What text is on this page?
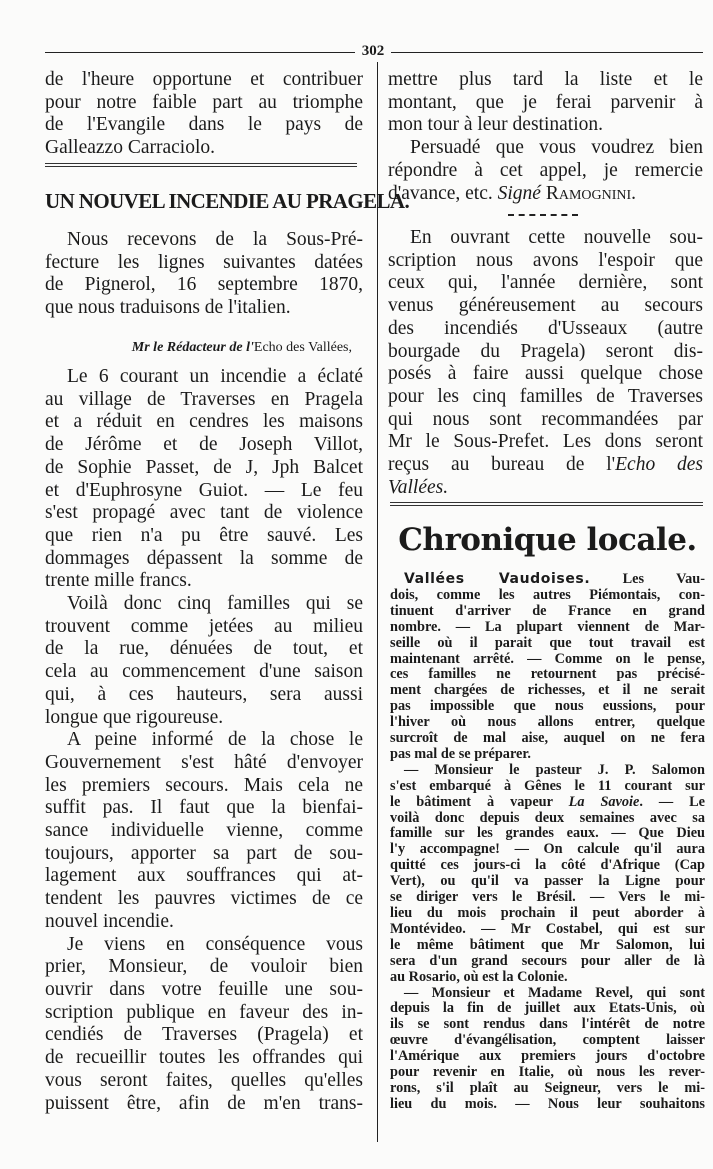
302
de l'heure opportune et contribuer
pour notre faible part au triomphe
de l'Evangile dans le pays de
Galleazzo Carraciolo.
UN NOUVEL INCENDIE AU PRAGELA.
Nous recevons de la Sous-Pré-
fecture les lignes suivantes datées
de Pignerol, 16 septembre 1870,
que nous traduisons de l'italien.
Mr le Rédacteur de l'Echo des Vallées,
Le 6 courant un incendie a éclaté
au village de Traverses en Pragela
et a réduit en cendres les maisons
de Jérôme et de Joseph Villot,
de Sophie Passet, de J, Jph Balcet
et d'Euphrosyne Guiot. — Le feu
s'est propagé avec tant de violence
que rien n'a pu être sauvé. Les
dommages dépassent la somme de
trente mille francs.
Voilà donc cinq familles qui se
trouvent comme jetées au milieu
de la rue, dénuées de tout, et
cela au commencement d'une saison
qui, à ces hauteurs, sera aussi
longue que rigoureuse.
A peine informé de la chose le
Gouvernement s'est hâté d'envoyer
les premiers secours. Mais cela ne
suffit pas. Il faut que la bienfai-
sance individuelle vienne, comme
toujours, apporter sa part de sou-
lagement aux souffrances qui at-
tendent les pauvres victimes de ce
nouvel incendie.
Je viens en conséquence vous
prier, Monsieur, de vouloir bien
ouvrir dans votre feuille une sou-
scription publique en faveur des in-
cendiés de Traverses (Pragela) et
de recueillir toutes les offrandes qui
vous seront faites, quelles qu'elles
puissent être, afin de m'en trans-
mettre plus tard la liste et le
montant, que je ferai parvenir à
mon tour à leur destination.
Persuadé que vous voudrez bien
répondre à cet appel, je remercie
d'avance, etc. Signé Ramognini.
En ouvrant cette nouvelle sou-
scription nous avons l'espoir que
ceux qui, l'année dernière, sont
venus généreusement au secours
des incendiés d'Usseaux (autre
bourgade du Pragela) seront dis-
posés à faire aussi quelque chose
pour les cinq familles de Traverses
qui nous sont recommandées par
Mr le Sous-Prefet. Les dons seront
reçus au bureau de l'Echo des
Vallées.
Chronique locale.
Vallées Vaudoises. Les Vau-
dois, comme les autres Piémontais, con-
tinuent d'arriver de France en grand
nombre. — La plupart viennent de Mar-
seille où il parait que tout travail est
maintenant arrêté. — Comme on le pense,
ces familles ne retournent pas précisé-
ment chargées de richesses, et il ne serait
pas impossible que nous eussions, pour
l'hiver où nous allons entrer, quelque
surcroît de mal aise, auquel on ne fera
pas mal de se préparer.
— Monsieur le pasteur J. P. Salomon
s'est embarqué à Gênes le 11 courant sur
le bâtiment à vapeur La Savoie. — Le
voilà donc depuis deux semaines avec sa
famille sur les grandes eaux. — Que Dieu
l'y accompagne! — On calcule qu'il aura
quitté ces jours-ci la côté d'Afrique (Cap
Vert), ou qu'il va passer la Ligne pour
se diriger vers le Brésil. — Vers le mi-
lieu du mois prochain il peut aborder à
Montévideo. — Mr Costabel, qui est sur
le même bâtiment que Mr Salomon, lui
sera d'un grand secours pour aller de là
au Rosario, où est la Colonie.
— Monsieur et Madame Revel, qui sont
depuis la fin de juillet aux Etats-Unis, où
ils se sont rendus dans l'intérêt de notre
œuvre d'évangélisation, comptent laisser
l'Amérique aux premiers jours d'octobre
pour revenir en Italie, où nous les rever-
rons, s'il plaît au Seigneur, vers le mi-
lieu du mois. — Nous leur souhaitons
